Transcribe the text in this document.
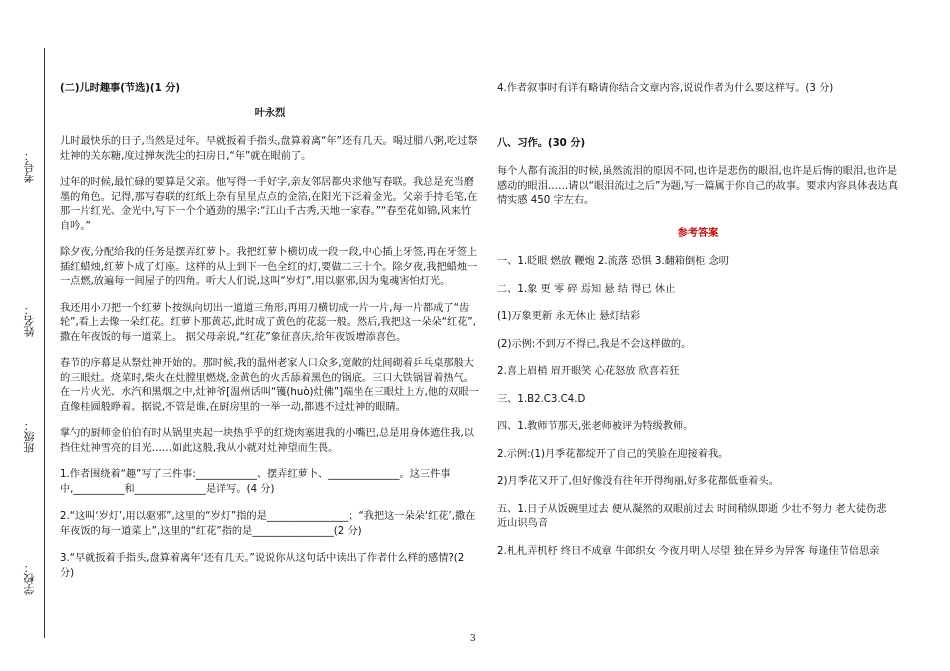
考号：
姓名：
班级：
学校：
(二)儿时趣事(节选)(1 分)
叶永烈

儿时最快乐的日子,当然是过年。早就扳着手指头,盘算着离“年”还有几天。喝过腊八粥,吃过祭灶神的关东糖,度过掸灰洗尘的扫房日,“年”就在眼前了。

过年的时候,最忙碌的要算是父亲。他写得一手好字,亲友邻居都央求他写春联。我总是充当磨墨的角色。记得,那写春联的红纸上杂有星星点点的金箔,在阳光下泛着金光。父亲手持毛笔,在那一片红光、金光中,写下一个个遒劲的黑字:“江山千古秀,天地一家春。”“春至花如锦,风来竹自吟。”

除夕夜,分配给我的任务是摆弄红萝卜。我把红萝卜横切成一段一段,中心插上牙签,再在牙签上插红蜡烛,红萝卜成了灯座。这样的从上到下一色全红的灯,要做二三十个。除夕夜,我把蜡烛一一点燃,放遍每一间屋子的四角。听大人们说,这叫“岁灯”,用以驱邪,因为鬼魂害怕灯光。

我还用小刀把一个红萝卜按纵向切出一道道三角形,再用刀横切成一片一片,每一片都成了“齿轮”,看上去像一朵红花。红萝卜那黄芯,此时成了黄色的花蕊一般。然后,我把这一朵朵“红花”,撒在年夜饭的每一道菜上。 据父母亲说,“红花”象征喜庆,给年夜饭增添喜色。

春节的序幕是从祭灶神开始的。那时候,我的温州老家人口众多,宽敞的灶间砌着乒乓桌那般大的三眼灶。烧菜时,柴火在灶膛里燃烧,金黄色的火舌舔着黑色的锅底。三口大铁锅冒着热气。在一片火光、水汽和黑烟之中,灶神爷[温州话叫“镬(huò)灶佛”]端坐在三眼灶上方,他的双眼一直像桂圆般睁着。据说,不管是谁,在厨房里的一举一动,都逃不过灶神的眼睛。

掌勺的厨师金伯伯有时从锅里夹起一块热乎乎的红烧肉塞进我的小嘴巴,总是用身体遮住我,以挡住灶神雪亮的目光……如此这般,我从小就对灶神望而生畏。

1.作者围绕着“趣”写了三件事:____________、摆弄红萝卜、______________。这三件事中,__________和______________是详写。(4 分)
2.“这叫‘岁灯’,用以驱邪”,这里的“岁灯”指的是________________；“我把这一朵朵‘红花’,撒在年夜饭的每一道菜上”,这里的“红花”指的是________________(2 分)
3.“早就扳着手指头,盘算着离年‘还有几天。”说说你从这句话中读出了作者什么样的感情?(2 分)
4.作者叙事时有详有略请你结合文章内容,说说作者为什么要这样写。(3 分)
八、习作。(30 分)

每个人都有流泪的时候,虽然流泪的原因不同,也许是悲伤的眼泪,也许是后悔的眼泪,也许是感动的眼泪……请以“眼泪流过之后”为题,写一篇属于你自己的故事。要求内容具体表达真情实感 450 字左右。

参考答案

一、1.眨眼 燃放 鞭炮 2.流落 恐惧 3.翻箱倒柜 念叨

二、1.象 更 零 碎 焉知 悬 结 得已 休止

(1)万象更新 永无休止 悬灯结彩

(2)示例:不到万不得已,我是不会这样做的。

2.喜上眉梢 眉开眼笑 心花怒放 欣喜若狂

三、1.B2.C3.C4.D

四、1.教师节那天,张老师被评为特级教师。

2.示例:(1)月季花都绽开了自己的笑脸在迎接着我。

2)月季花又开了,但好像没有往年开得绚丽,好多花都低垂着头。

五、1.日子从饭碗里过去 便从凝然的双眼前过去 时间稍纵即逝 少壮不努力 老大徒伤悲 近山识鸟音

2.札札弄机杼 终日不成章 牛郎织女 今夜月明人尽望 独在异乡为异客 每逢佳节倍思亲

3
